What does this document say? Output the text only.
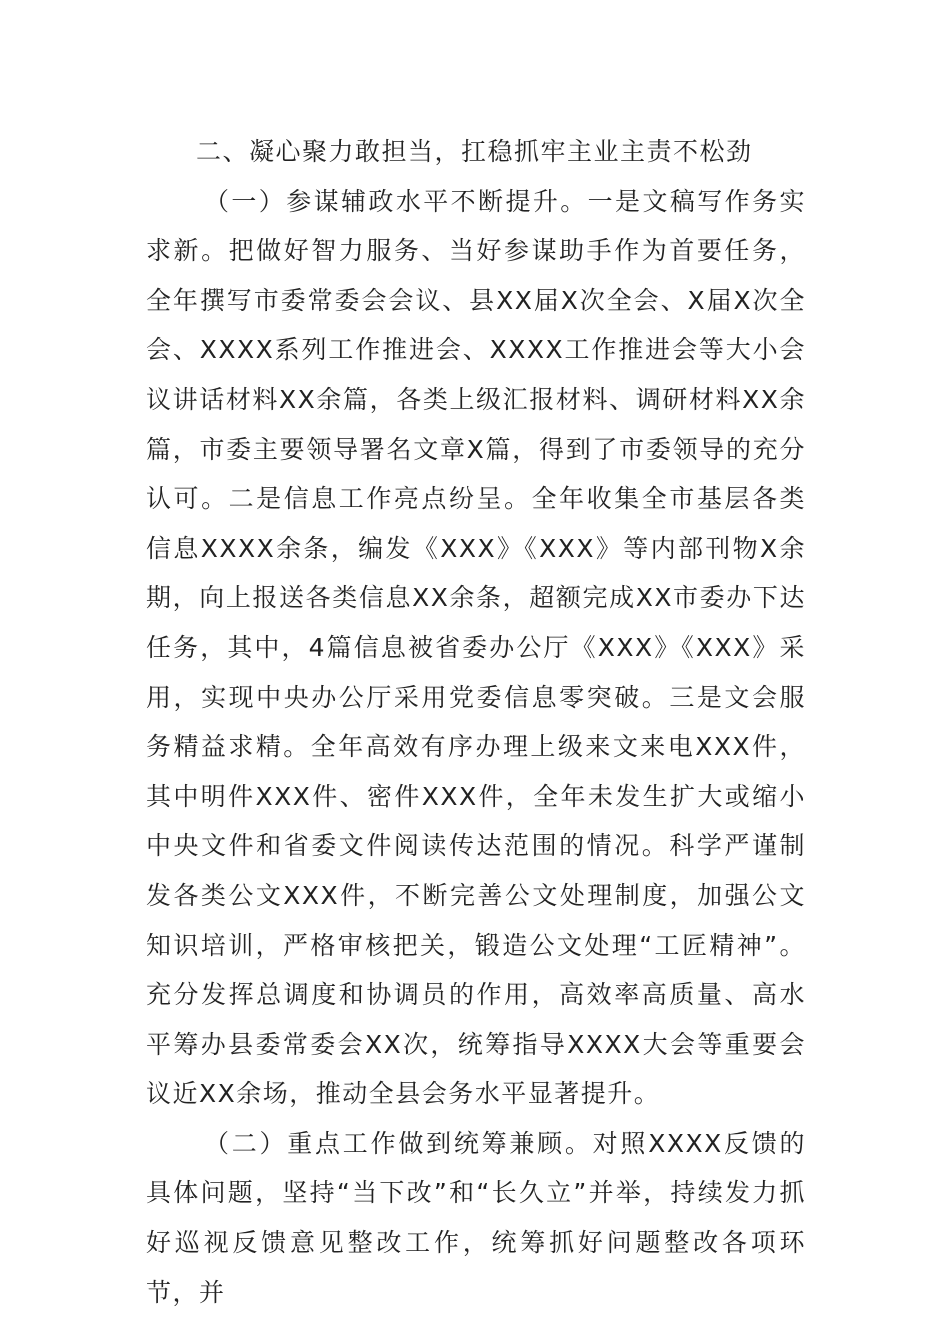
二、凝心聚力敢担当，扛稳抓牢主业主责不松劲

（一）参谋辅政水平不断提升。一是文稿写作务实求新。把做好智力服务、当好参谋助手作为首要任务，全年撰写市委常委会会议、县XX届X次全会、X届X次全会、XXXX系列工作推进会、XXXX工作推进会等大小会议讲话材料XX余篇，各类上级汇报材料、调研材料XX余篇，市委主要领导署名文章X篇，得到了市委领导的充分认可。二是信息工作亮点纷呈。全年收集全市基层各类信息XXXX余条，编发《XXX》《XXX》等内部刊物X余期，向上报送各类信息XX余条，超额完成XX市委办下达任务，其中，4篇信息被省委办公厅《XXX》《XXX》采用，实现中央办公厅采用党委信息零突破。三是文会服务精益求精。全年高效有序办理上级来文来电XXX件，其中明件XXX件、密件XXX件，全年未发生扩大或缩小中央文件和省委文件阅读传达范围的情况。科学严谨制发各类公文XXX件，不断完善公文处理制度，加强公文知识培训，严格审核把关，锻造公文处理“工匠精神”。充分发挥总调度和协调员的作用，高效率高质量、高水平筹办县委常委会XX次，统筹指导XXXX大会等重要会议近XX余场，推动全县会务水平显著提升。

（二）重点工作做到统筹兼顾。对照XXXX反馈的具体问题，坚持“当下改”和“长久立”并举，持续发力抓好巡视反馈意见整改工作，统筹抓好问题整改各项环节，并
